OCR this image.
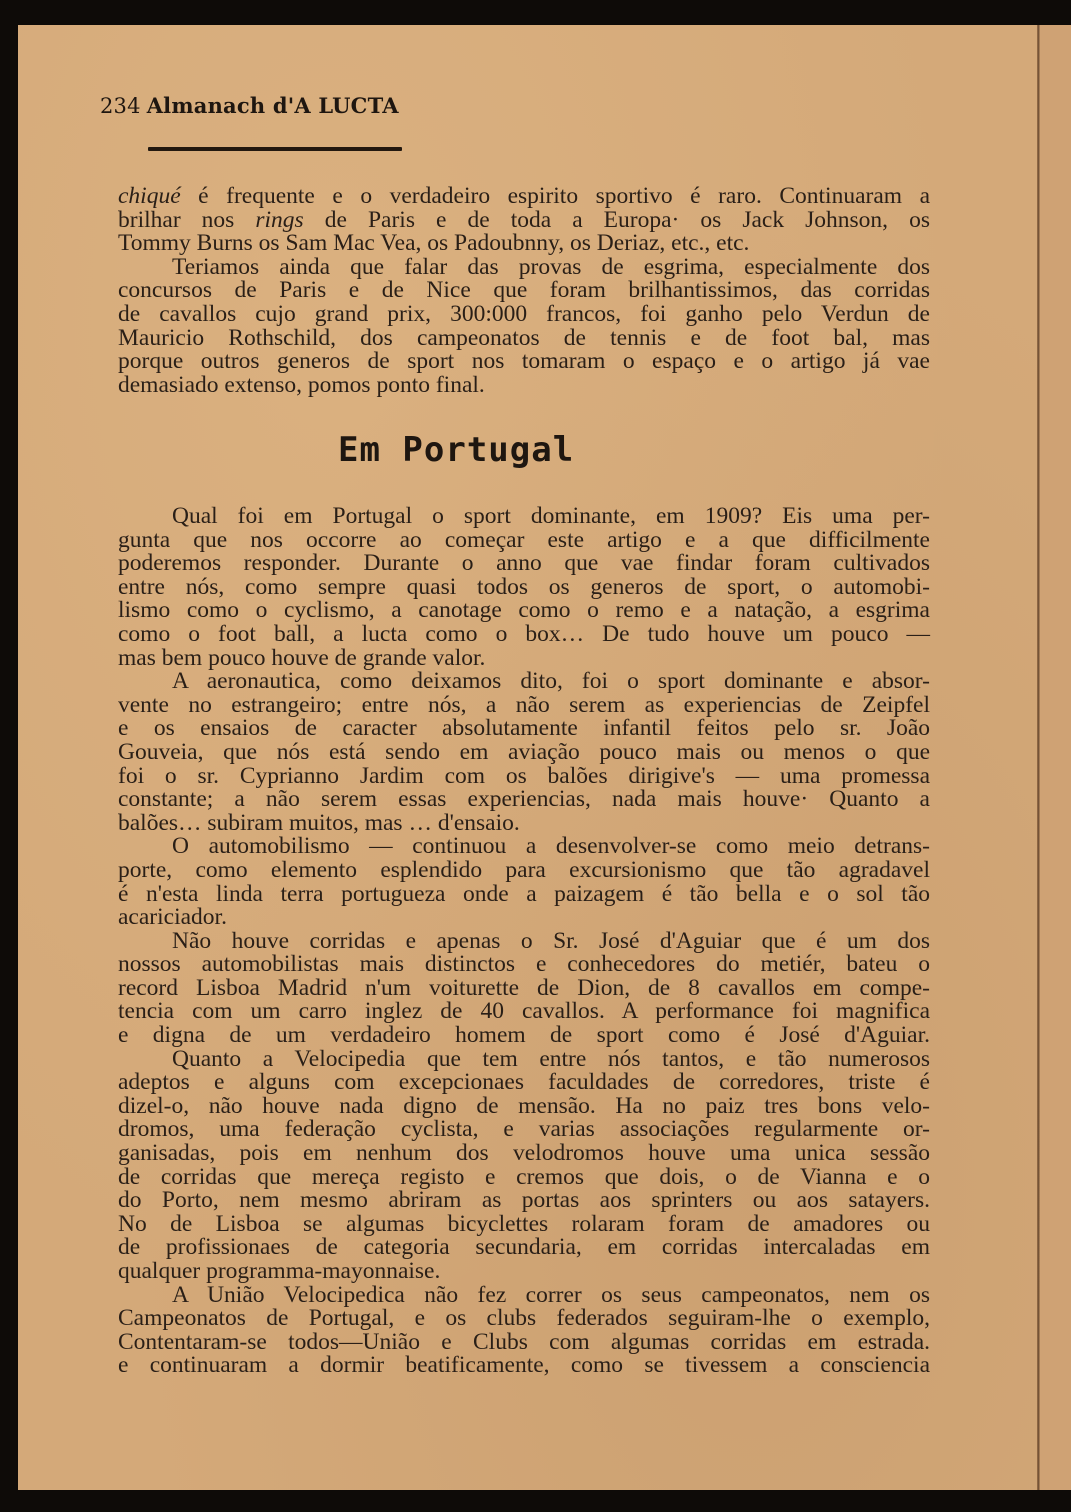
234 Almanach d'A LUCTA
chiqué é frequente e o verdadeiro espirito sportivo é raro. Continuaram a
brilhar nos rings de Paris e de toda a Europa· os Jack Johnson, os
Tommy Burns os Sam Mac Vea, os Padoubnny, os Deriaz, etc., etc.
Teriamos ainda que falar das provas de esgrima, especialmente dos
concursos de Paris e de Nice que foram brilhantissimos, das corridas
de cavallos cujo grand prix, 300:000 francos, foi ganho pelo Verdun de
Mauricio Rothschild, dos campeonatos de tennis e de foot bal, mas
porque outros generos de sport nos tomaram o espaço e o artigo já vae
demasiado extenso, pomos ponto final.
Em Portugal
Qual foi em Portugal o sport dominante, em 1909? Eis uma per-
gunta que nos occorre ao começar este artigo e a que difficilmente
poderemos responder. Durante o anno que vae findar foram cultivados
entre nós, como sempre quasi todos os generos de sport, o automobi-
lismo como o cyclismo, a canotage como o remo e a natação, a esgrima
como o foot ball, a lucta como o box… De tudo houve um pouco —
mas bem pouco houve de grande valor.
A aeronautica, como deixamos dito, foi o sport dominante e absor-
vente no estrangeiro; entre nós, a não serem as experiencias de Zeipfel
e os ensaios de caracter absolutamente infantil feitos pelo sr. João
Gouveia, que nós está sendo em aviação pouco mais ou menos o que
foi o sr. Cyprianno Jardim com os balões dirigive's — uma promessa
constante; a não serem essas experiencias, nada mais houve· Quanto a
balões… subiram muitos, mas … d'ensaio.
O automobilismo — continuou a desenvolver-se como meio detrans-
porte, como elemento esplendido para excursionismo que tão agradavel
é n'esta linda terra portugueza onde a paizagem é tão bella e o sol tão
acariciador.
Não houve corridas e apenas o Sr. José d'Aguiar que é um dos
nossos automobilistas mais distinctos e conhecedores do metiér, bateu o
record Lisboa Madrid n'um voiturette de Dion, de 8 cavallos em compe-
tencia com um carro inglez de 40 cavallos. A performance foi magnifica
e digna de um verdadeiro homem de sport como é José d'Aguiar.
Quanto a Velocipedia que tem entre nós tantos, e tão numerosos
adeptos e alguns com excepcionaes faculdades de corredores, triste é
dizel-o, não houve nada digno de mensão. Ha no paiz tres bons velo-
dromos, uma federação cyclista, e varias associações regularmente or-
ganisadas, pois em nenhum dos velodromos houve uma unica sessão
de corridas que mereça registo e cremos que dois, o de Vianna e o
do Porto, nem mesmo abriram as portas aos sprinters ou aos satayers.
No de Lisboa se algumas bicyclettes rolaram foram de amadores ou
de profissionaes de categoria secundaria, em corridas intercaladas em
qualquer programma-mayonnaise.
A União Velocipedica não fez correr os seus campeonatos, nem os
Campeonatos de Portugal, e os clubs federados seguiram-lhe o exemplo,
Contentaram-se todos—União e Clubs com algumas corridas em estrada.
e continuaram a dormir beatificamente, como se tivessem a consciencia
